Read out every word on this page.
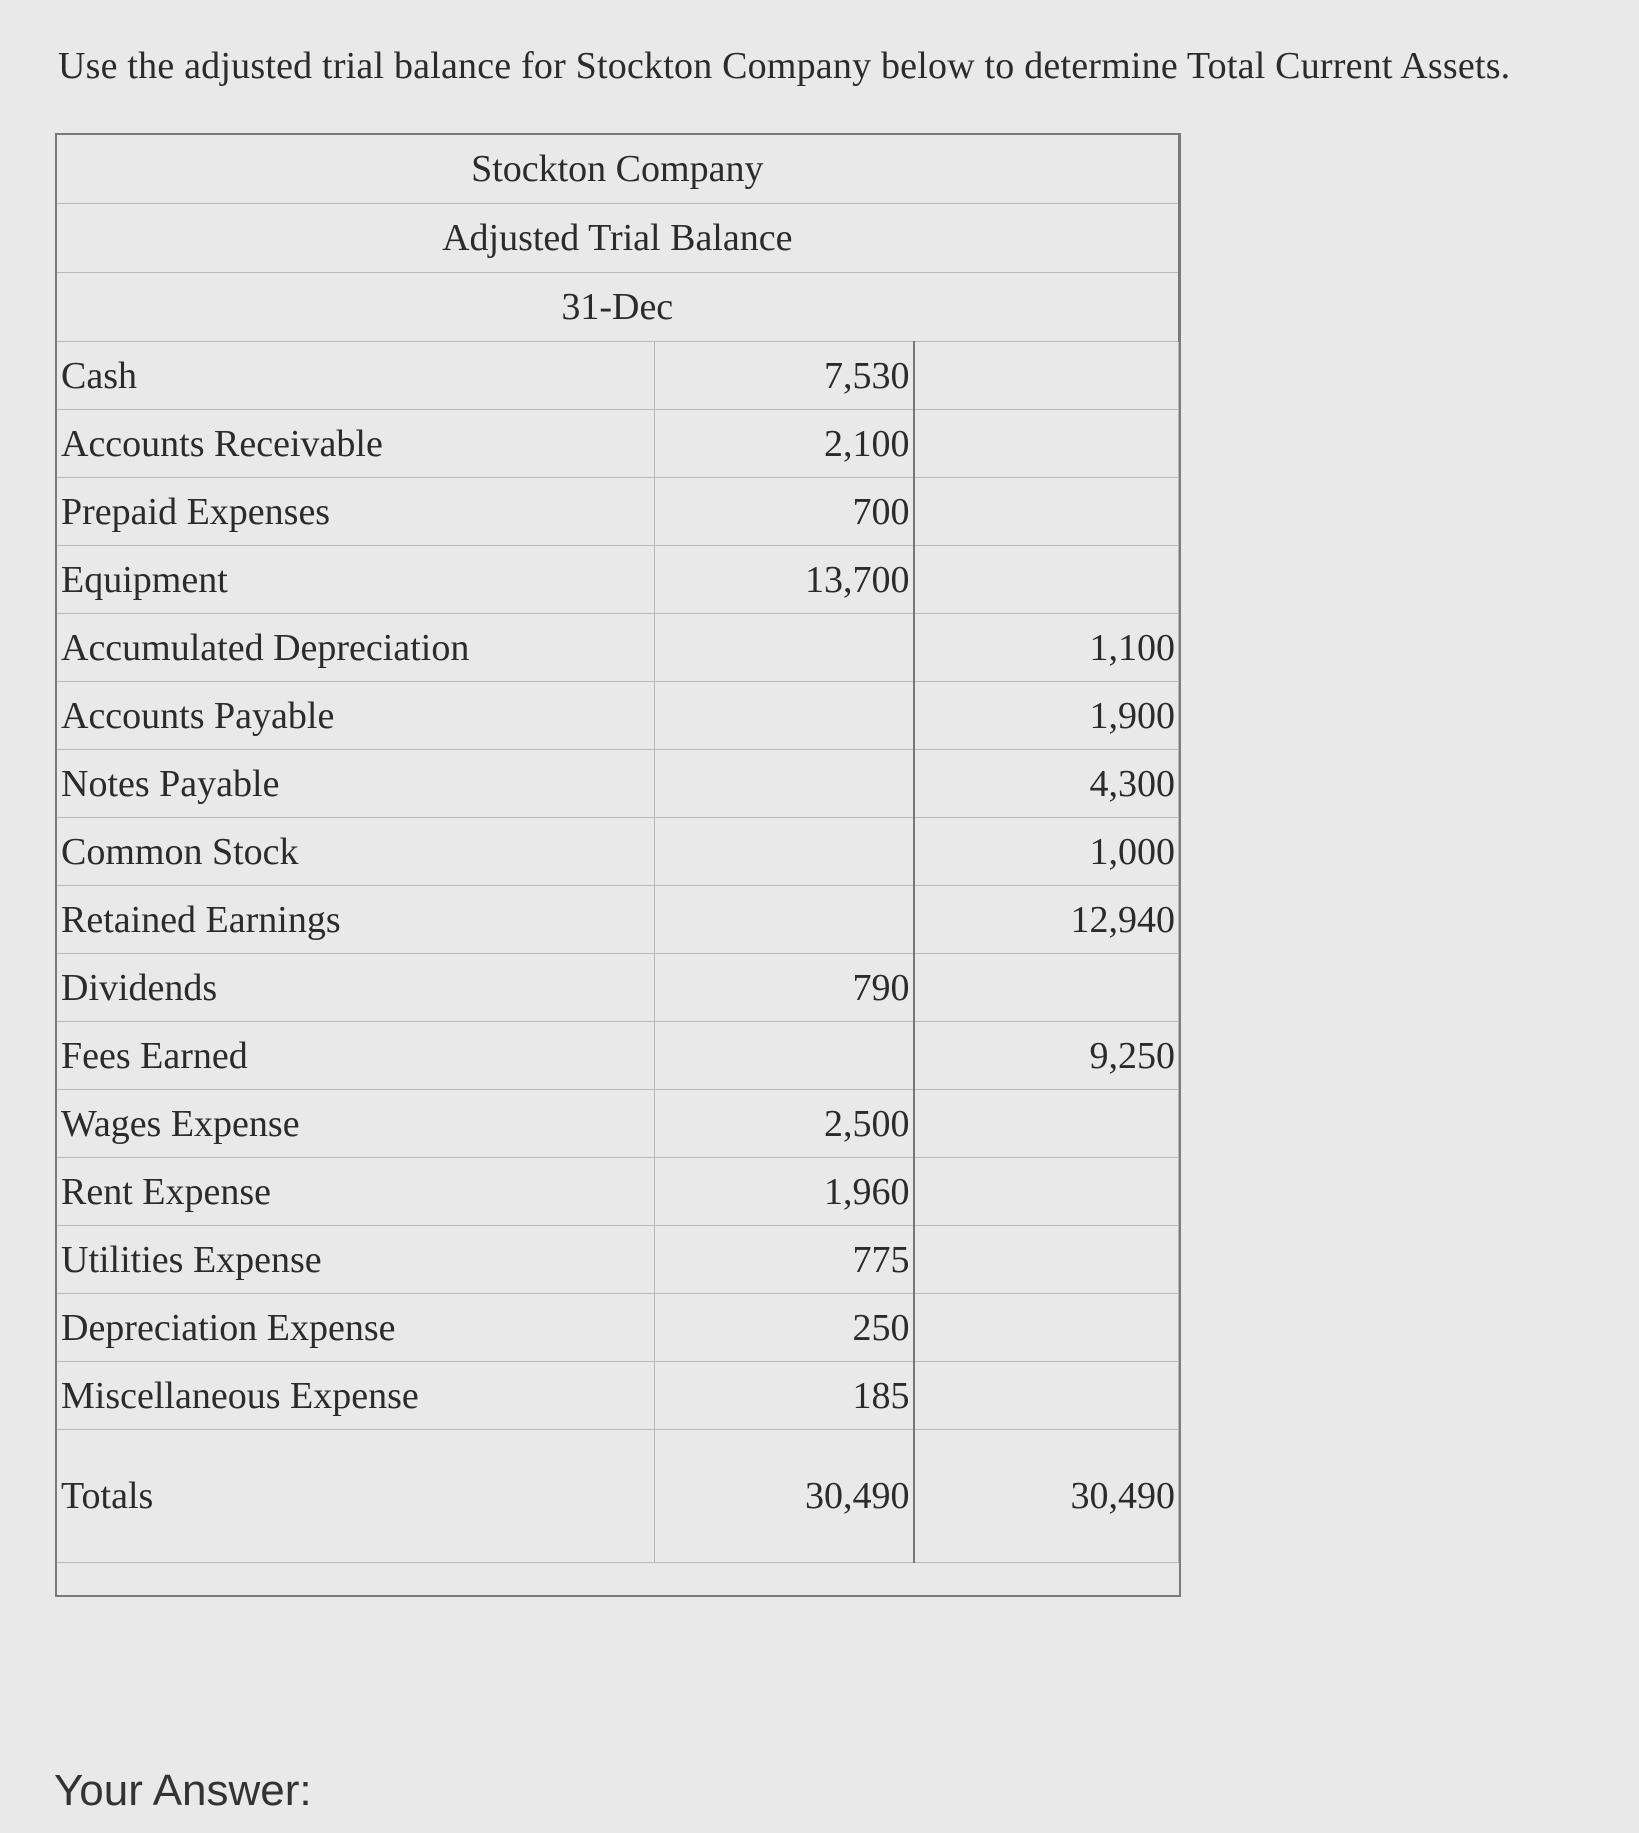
Use the adjusted trial balance for Stockton Company below to determine Total Current Assets.
Stockton Company		
Adjusted Trial Balance		
31-Dec		
Cash	7,530	
Accounts Receivable	2,100	
Prepaid Expenses	700	
Equipment	13,700	
Accumulated Depreciation		1,100
Accounts Payable		1,900
Notes Payable		4,300
Common Stock		1,000
Retained Earnings		12,940
Dividends	790	
Fees Earned		9,250
Wages Expense	2,500	
Rent Expense	1,960	
Utilities Expense	775	
Depreciation Expense	250	
Miscellaneous Expense	185	
Totals	30,490	30,490
Your Answer:
